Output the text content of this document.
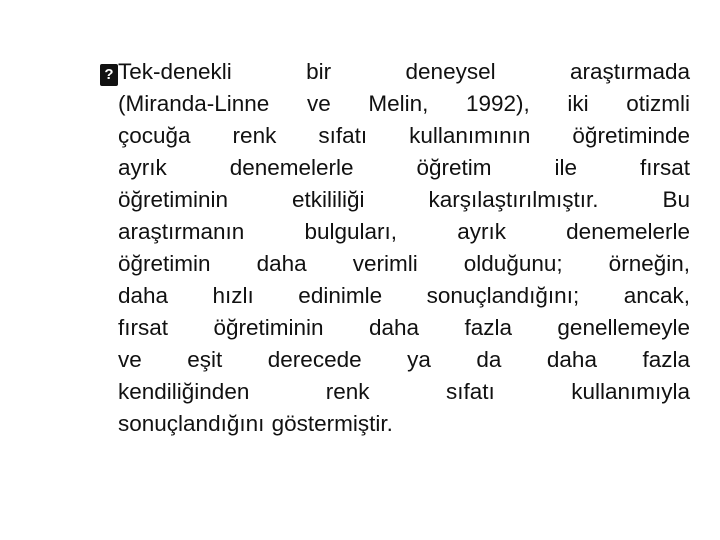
? Tek-denekli bir deneysel araştırmada
(Miranda-Linne ve Melin, 1992), iki otizmli
çocuğa renk sıfatı kullanımının öğretiminde
ayrık denemelerle öğretim ile fırsat
öğretiminin etkililiği karşılaştırılmıştır. Bu
araştırmanın bulguları, ayrık denemelerle
öğretimin daha verimli olduğunu; örneğin,
daha hızlı edinimle sonuçlandığını; ancak,
fırsat öğretiminin daha fazla genellemeyle
ve eşit derecede ya da daha fazla
kendiliğinden renk sıfatı kullanımıyla
sonuçlandığını göstermiştir.
